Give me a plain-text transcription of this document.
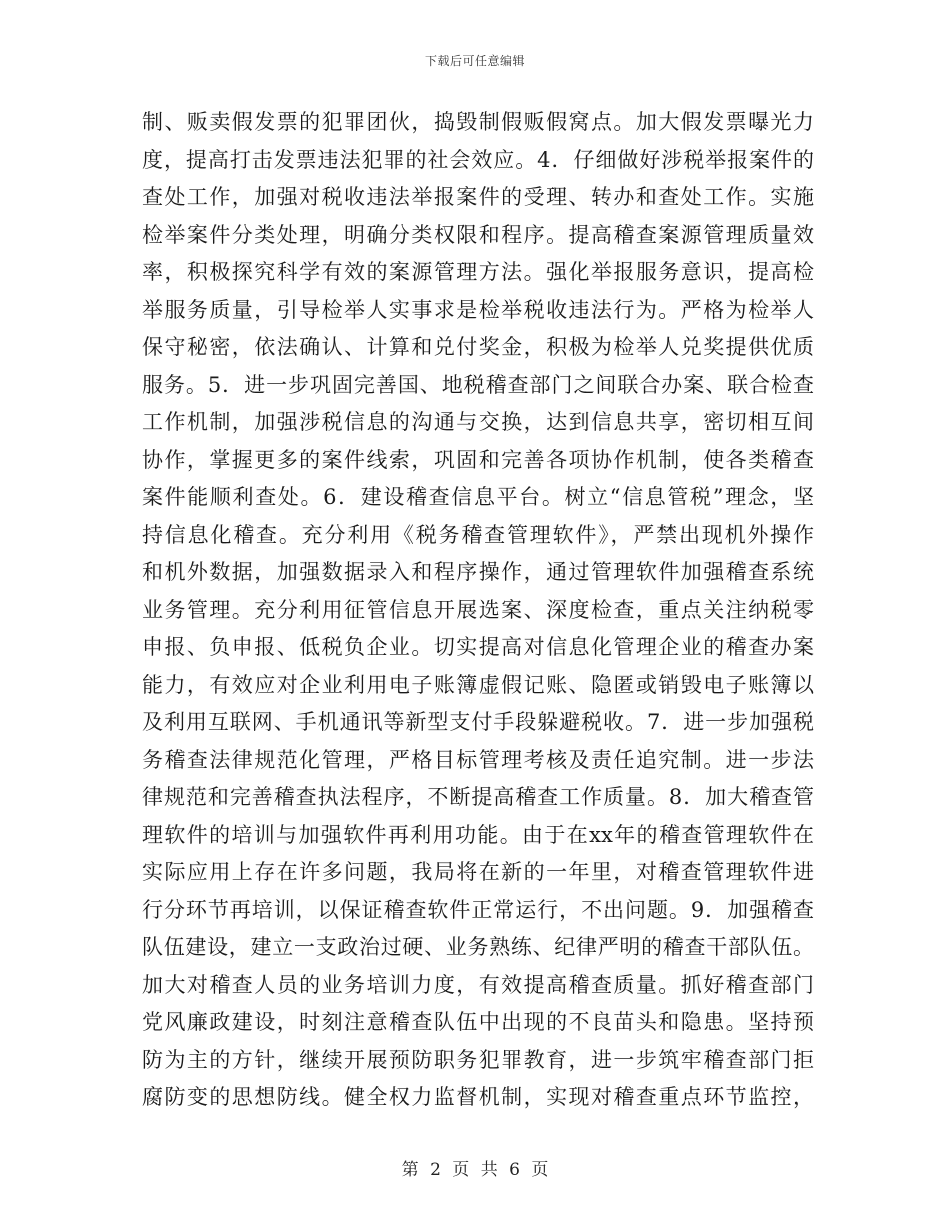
下载后可任意编辑
制、贩卖假发票的犯罪团伙，捣毁制假贩假窝点。加大假发票曝光力
度，提高打击发票违法犯罪的社会效应。4．仔细做好涉税举报案件的
查处工作，加强对税收违法举报案件的受理、转办和查处工作。实施
检举案件分类处理，明确分类权限和程序。提高稽查案源管理质量效
率，积极探究科学有效的案源管理方法。强化举报服务意识，提高检
举服务质量，引导检举人实事求是检举税收违法行为。严格为检举人
保守秘密，依法确认、计算和兑付奖金，积极为检举人兑奖提供优质
服务。5．进一步巩固完善国、地税稽查部门之间联合办案、联合检查
工作机制，加强涉税信息的沟通与交换，达到信息共享，密切相互间
协作，掌握更多的案件线索，巩固和完善各项协作机制，使各类稽查
案件能顺利查处。6．建设稽查信息平台。树立“信息管税”理念，坚
持信息化稽查。充分利用《税务稽查管理软件》，严禁出现机外操作
和机外数据，加强数据录入和程序操作，通过管理软件加强稽查系统
业务管理。充分利用征管信息开展选案、深度检查，重点关注纳税零
申报、负申报、低税负企业。切实提高对信息化管理企业的稽查办案
能力，有效应对企业利用电子账簿虚假记账、隐匿或销毁电子账簿以
及利用互联网、手机通讯等新型支付手段躲避税收。7．进一步加强税
务稽查法律规范化管理，严格目标管理考核及责任追究制。进一步法
律规范和完善稽查执法程序，不断提高稽查工作质量。8．加大稽查管
理软件的培训与加强软件再利用功能。由于在xx年的稽查管理软件在
实际应用上存在许多问题，我局将在新的一年里，对稽查管理软件进
行分环节再培训，以保证稽查软件正常运行，不出问题。9．加强稽查
队伍建设，建立一支政治过硬、业务熟练、纪律严明的稽查干部队伍。
加大对稽查人员的业务培训力度，有效提高稽查质量。抓好稽查部门
党风廉政建设，时刻注意稽查队伍中出现的不良苗头和隐患。坚持预
防为主的方针，继续开展预防职务犯罪教育，进一步筑牢稽查部门拒
腐防变的思想防线。健全权力监督机制，实现对稽查重点环节监控，
第 2 页 共 6 页
